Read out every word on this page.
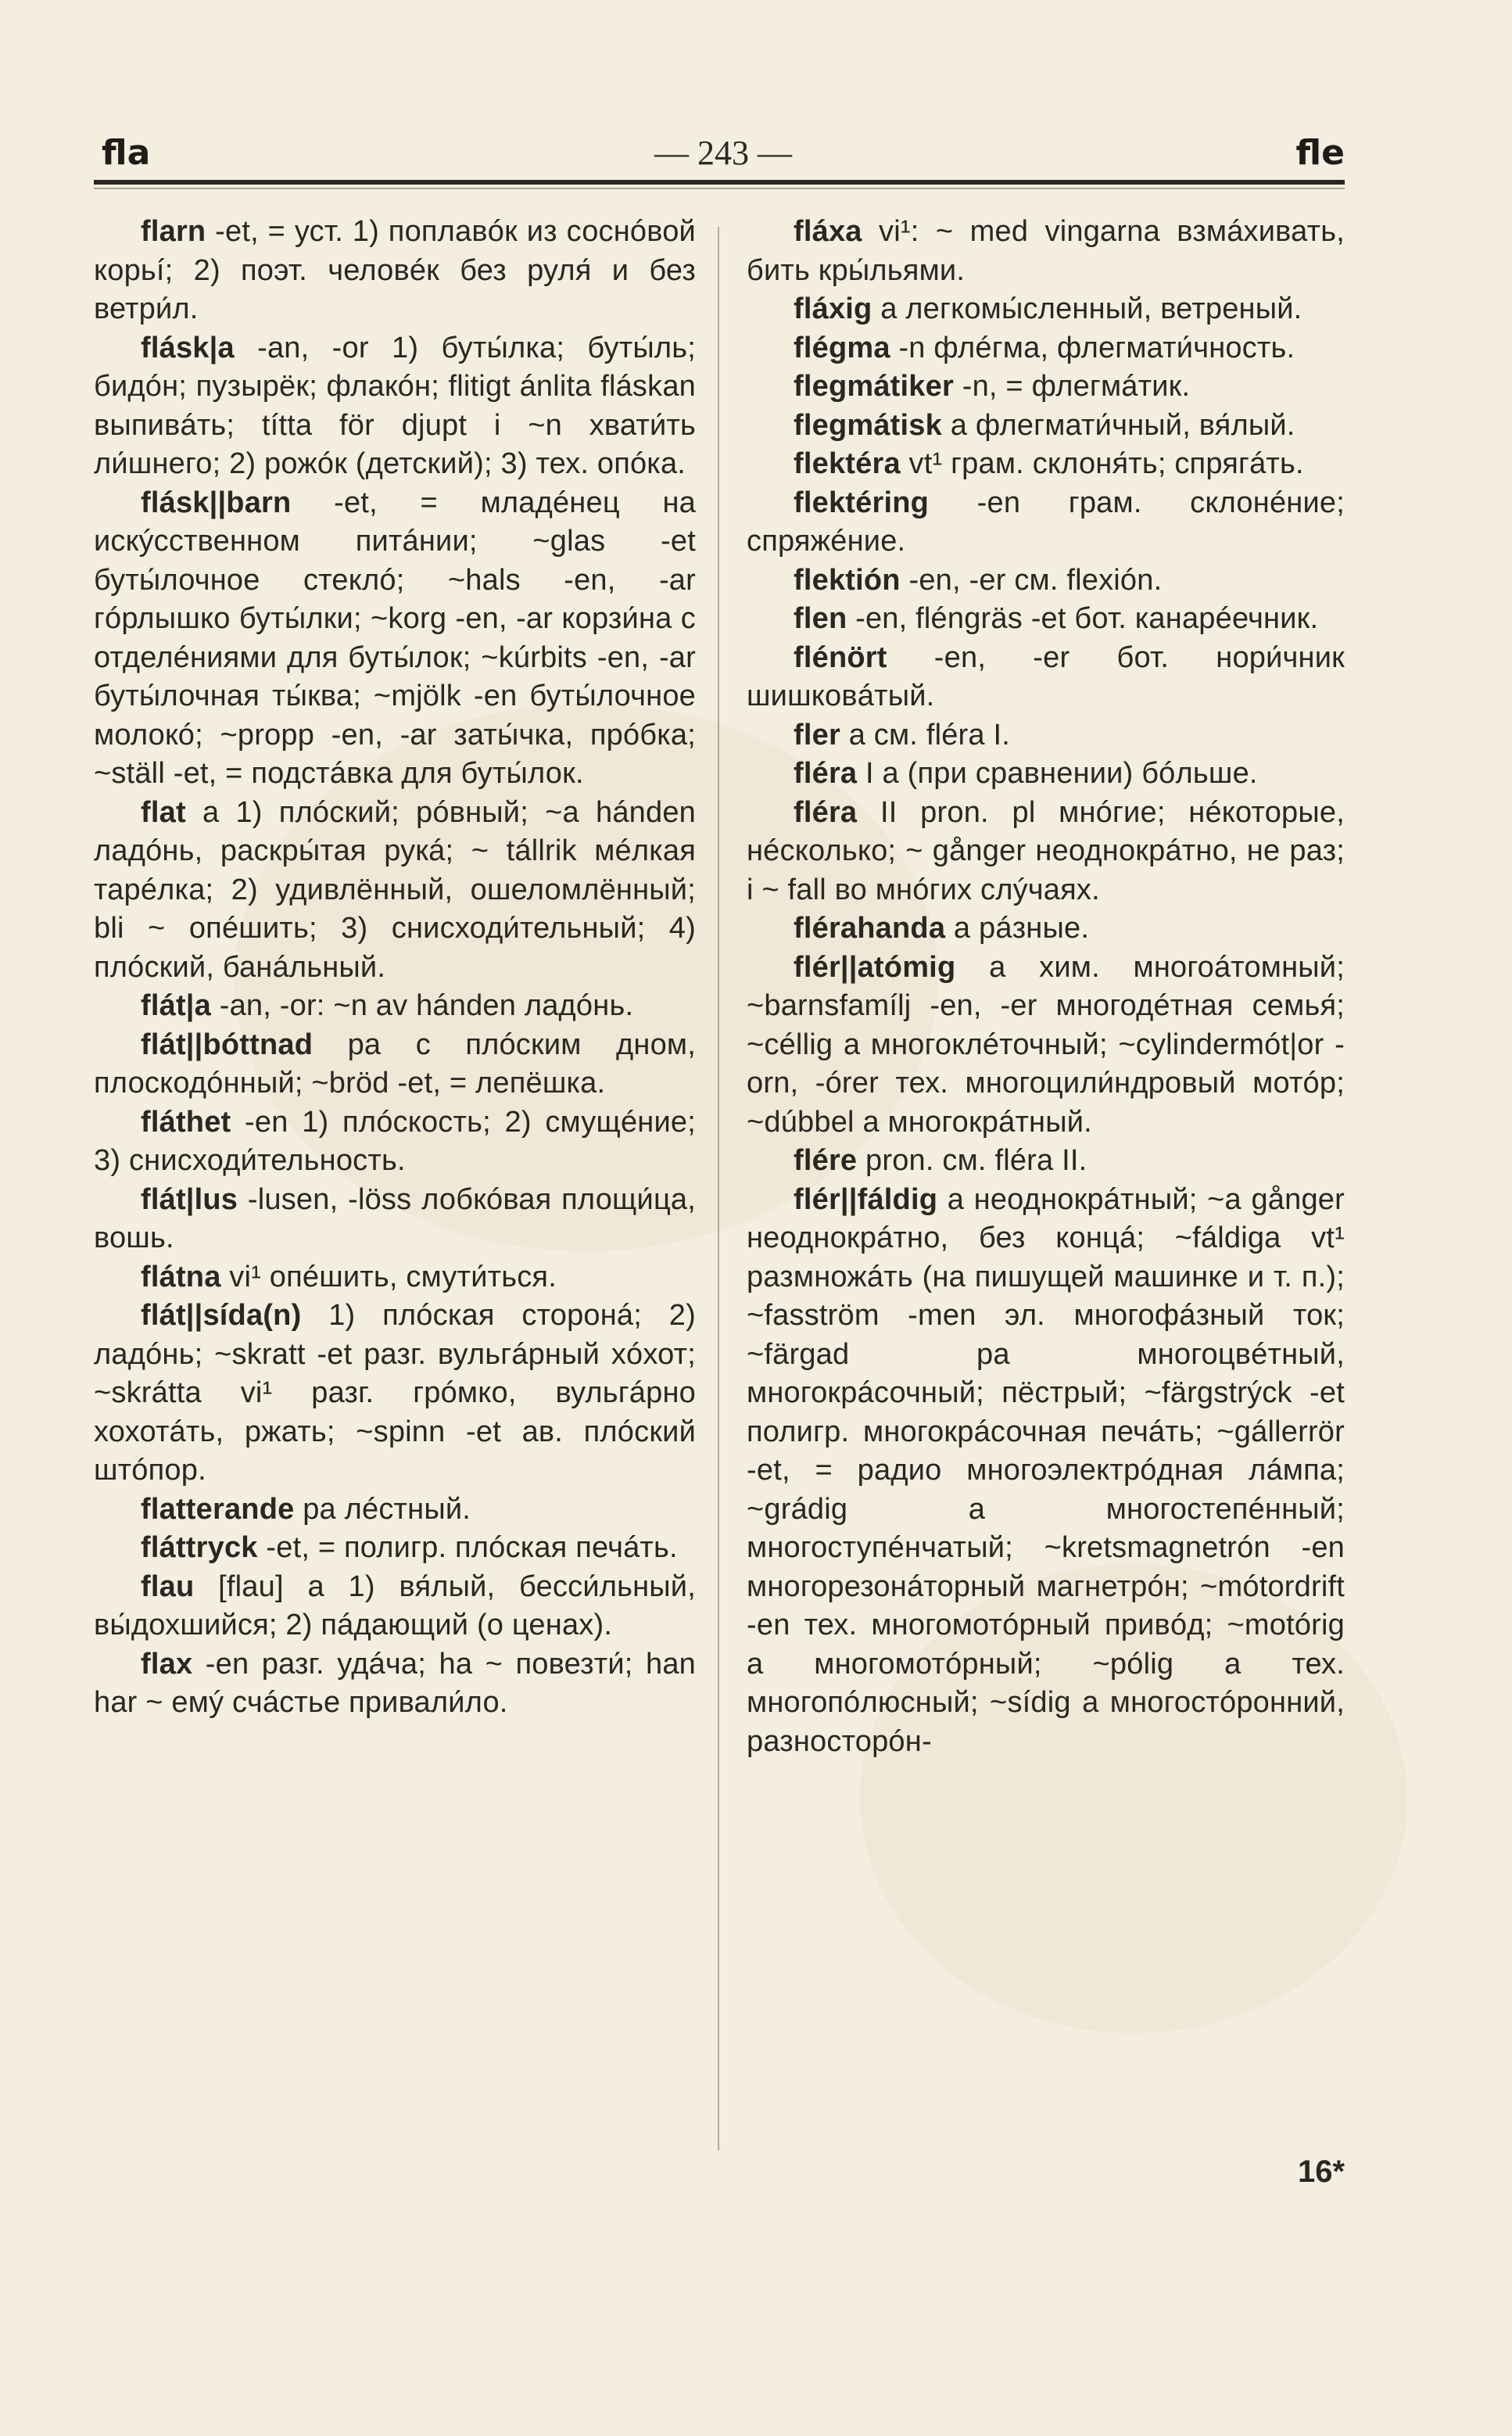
fla	— 243 —	fle
flarn -et, = уст. 1) поплавóк из соснóвой корьí; 2) поэт. человéк без руля́ и без ветри́л.
flásk|a -an, -or 1) буты́лка; буты́ль; бидóн; пузырёк; флакóн; flitigt ánlita fláskan выпивáть; títta för djupt i ~n хвати́ть ли́шнего; 2) рожóк (детский); 3) тех. опóка.
flásk||barn -et, = младéнец на искýсственном питáнии; ~glas -et буты́лочное стеклó; ~hals -en, -ar гóрлышко буты́лки; ~korg -en, -ar корзи́на с отделéниями для буты́лок; ~kúrbits -en, -ar буты́лочная ты́ква; ~mjölk -en буты́лочное молокó; ~propp -en, -ar заты́чка, прóбка; ~ställ -et, = подстáвка для буты́лок.
flat a 1) плóский; рóвный; ~a hánden ладóнь, раскры́тая рукá; ~ tállrik мéлкая тарéлка; 2) удивлённый, ошеломлённый; bli ~ опéшить; 3) снисходи́тельный; 4) плóский, банáльный.
flát|a -an, -or: ~n av hánden ладóнь.
flát||bóttnad pa с плóским дном, плоскодóнный; ~bröd -et, = лепёшка.
fláthet -en 1) плóскость; 2) смущéние; 3) снисходи́тельность.
flát|lus -lusen, -löss лобкóвая площи́ца, вошь.
flátna vi¹ опéшить, смути́ться.
flát||sída(n) 1) плóская сторонá; 2) ладóнь; ~skratt -et разг. вульгáрный хóхот; ~skrátta vi¹ разг. грóмко, вульгáрно хохотáть, ржать; ~spinn -et ав. плóский штóпор.
flatterande pa лéстный.
fláttryck -et, = полигр. плóская печáть.
flau [flau] a 1) вя́лый, бесси́льный, вы́дохшийся; 2) пáдающий (о ценах).
flax -en разг. удáча; ha ~ повезти́; han har ~ емý счáстье привали́ло.
fláxa vi¹: ~ med vingarna взмáхивать, бить кры́льями.
fláxig a легкомы́сленный, ветреный.
flégma -n флéгма, флегмати́чность.
flegmátiker -n, = флегмáтик.
flegmátisk a флегмати́чный, вя́лый.
flektéra vt¹ грам. склоня́ть; спрягáть.
flektéring -en грам. склонéние; спряжéние.
flektión -en, -er см. flexión.
flen -en, fléngräs -et бот. канарéечник.
flénört -en, -er бот. нори́чник шишковáтый.
fler a см. fléra I.
fléra I a (при сравнении) бóльше.
fléra II pron. pl мнóгие; нéкоторые, нéсколько; ~ gånger неоднокрáтно, не раз; i ~ fall во мнóгих слýчаях.
flérahanda a рáзные.
flér||atómig a хим. многоáтомный; ~barnsfamílj -en, -er многодéтная семья́; ~céllig a многоклéточный; ~cylindermót|or -orn, -órer тех. многоцили́ндровый мотóр; ~dúbbel a многокрáтный.
flére pron. см. fléra II.
flér||fáldig a неоднокрáтный; ~a gånger неоднокрáтно, без концá; ~fáldiga vt¹ размножáть (на пишущей машинке и т. п.); ~fasström -men эл. многофáзный ток; ~färgad pa многоцвéтный, многокрáсочный; пёстрый; ~färgstrýck -et полигр. многокрáсочная печáть; ~gállerrör -et, = радио многоэлектрóдная лáмпа; ~grádig a многостепéнный; многоступéнчатый; ~kretsmagnetrón -en многорезонáторный магнетрóн; ~mótordrift -en тех. многомотóрный привóд; ~motórig a многомотóрный; ~pólig a тех. многопóлюсный; ~sídig a многостóронний, разносторóн-
16*
